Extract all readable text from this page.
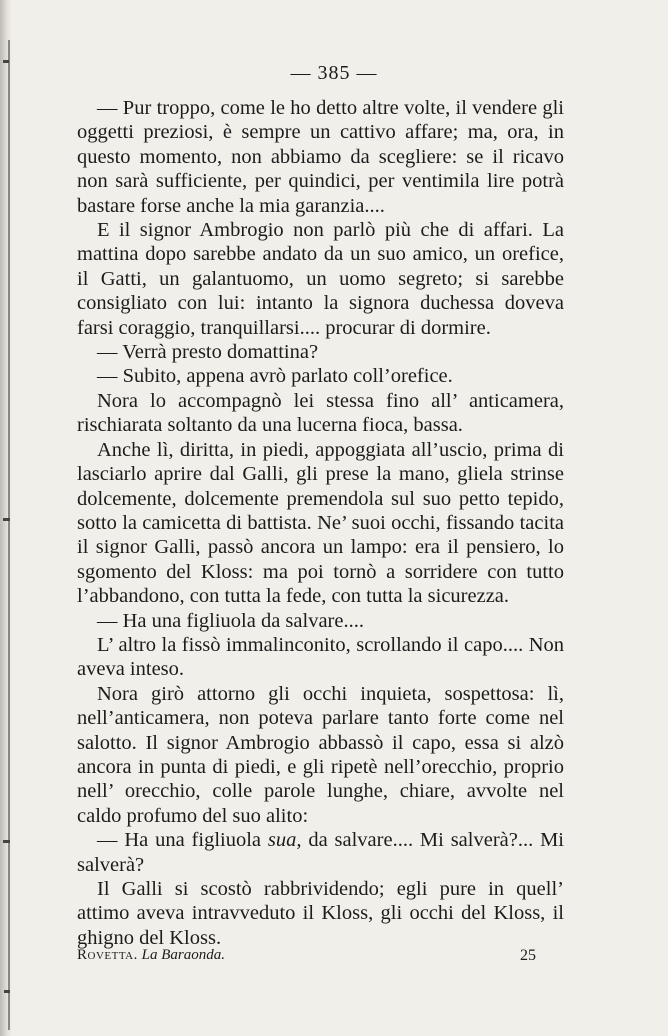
— 385 —

— Pur troppo, come le ho detto altre volte, il vendere gli oggetti preziosi, è sempre un cattivo affare; ma, ora, in questo momento, non abbiamo da scegliere: se il ricavo non sarà sufficiente, per quindici, per ventimila lire potrà bastare forse anche la mia garanzia....

E il signor Ambrogio non parlò più che di affari. La mattina dopo sarebbe andato da un suo amico, un orefice, il Gatti, un galantuomo, un uomo segreto; si sarebbe consigliato con lui: intanto la signora duchessa doveva farsi coraggio, tranquillarsi.... procurar di dormire.

— Verrà presto domattina?

— Subito, appena avrò parlato coll’orefice.

Nora lo accompagnò lei stessa fino all’ anticamera, rischiarata soltanto da una lucerna fioca, bassa.

Anche lì, diritta, in piedi, appoggiata all’uscio, prima di lasciarlo aprire dal Galli, gli prese la mano, gliela strinse dolcemente, dolcemente premendola sul suo petto tepido, sotto la camicetta di battista. Ne’ suoi occhi, fissando tacita il signor Galli, passò ancora un lampo: era il pensiero, lo sgomento del Kloss: ma poi tornò a sorridere con tutto l’abbandono, con tutta la fede, con tutta la sicurezza.

— Ha una figliuola da salvare....

L’ altro la fissò immalinconito, scrollando il capo.... Non aveva inteso.

Nora girò attorno gli occhi inquieta, sospettosa: lì, nell’anticamera, non poteva parlare tanto forte come nel salotto. Il signor Ambrogio abbassò il capo, essa si alzò ancora in punta di piedi, e gli ripetè nell’orecchio, proprio nell’ orecchio, colle parole lunghe, chiare, avvolte nel caldo profumo del suo alito:

— Ha una figliuola sua, da salvare.... Mi salverà?... Mi salverà?

Il Galli si scostò rabbrividendo; egli pure in quell’ attimo aveva intravveduto il Kloss, gli occhi del Kloss, il ghigno del Kloss.

Rovetta. La Baraonda.	25
